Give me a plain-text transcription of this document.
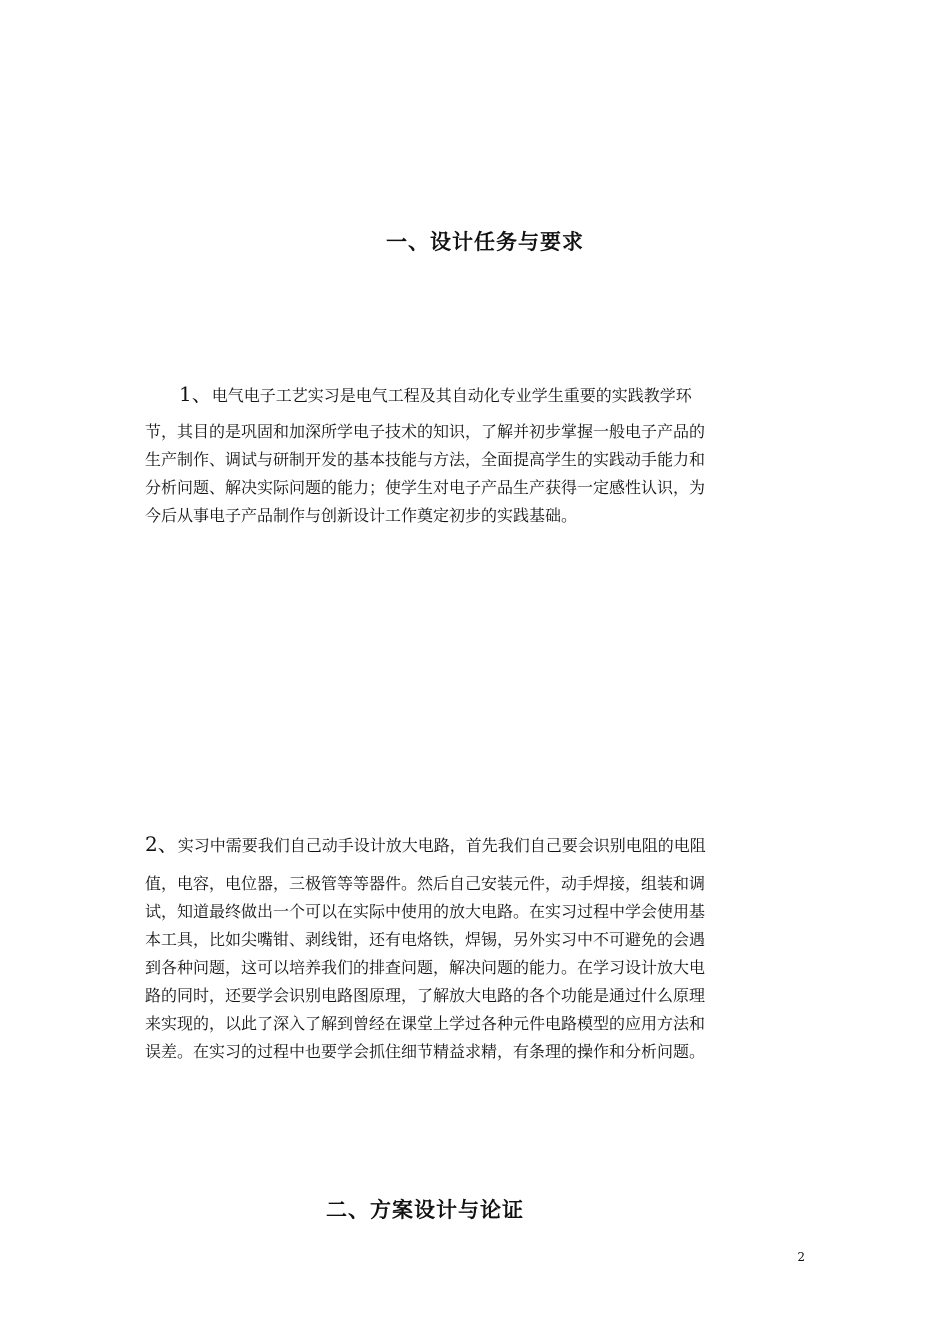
一、设计任务与要求
1、电气电子工艺实习是电气工程及其自动化专业学生重要的实践教学环
节，其目的是巩固和加深所学电子技术的知识，了解并初步掌握一般电子产品的
生产制作、调试与研制开发的基本技能与方法，全面提高学生的实践动手能力和
分析问题、解决实际问题的能力；使学生对电子产品生产获得一定感性认识，为
今后从事电子产品制作与创新设计工作奠定初步的实践基础。
2、实习中需要我们自己动手设计放大电路，首先我们自己要会识别电阻的电阻
值，电容，电位器，三极管等等器件。然后自己安装元件，动手焊接，组装和调
试，知道最终做出一个可以在实际中使用的放大电路。在实习过程中学会使用基
本工具，比如尖嘴钳、剥线钳，还有电烙铁，焊锡，另外实习中不可避免的会遇
到各种问题，这可以培养我们的排查问题，解决问题的能力。在学习设计放大电
路的同时，还要学会识别电路图原理，了解放大电路的各个功能是通过什么原理
来实现的，以此了深入了解到曾经在课堂上学过各种元件电路模型的应用方法和
误差。在实习的过程中也要学会抓住细节精益求精，有条理的操作和分析问题。
二、方案设计与论证
2
